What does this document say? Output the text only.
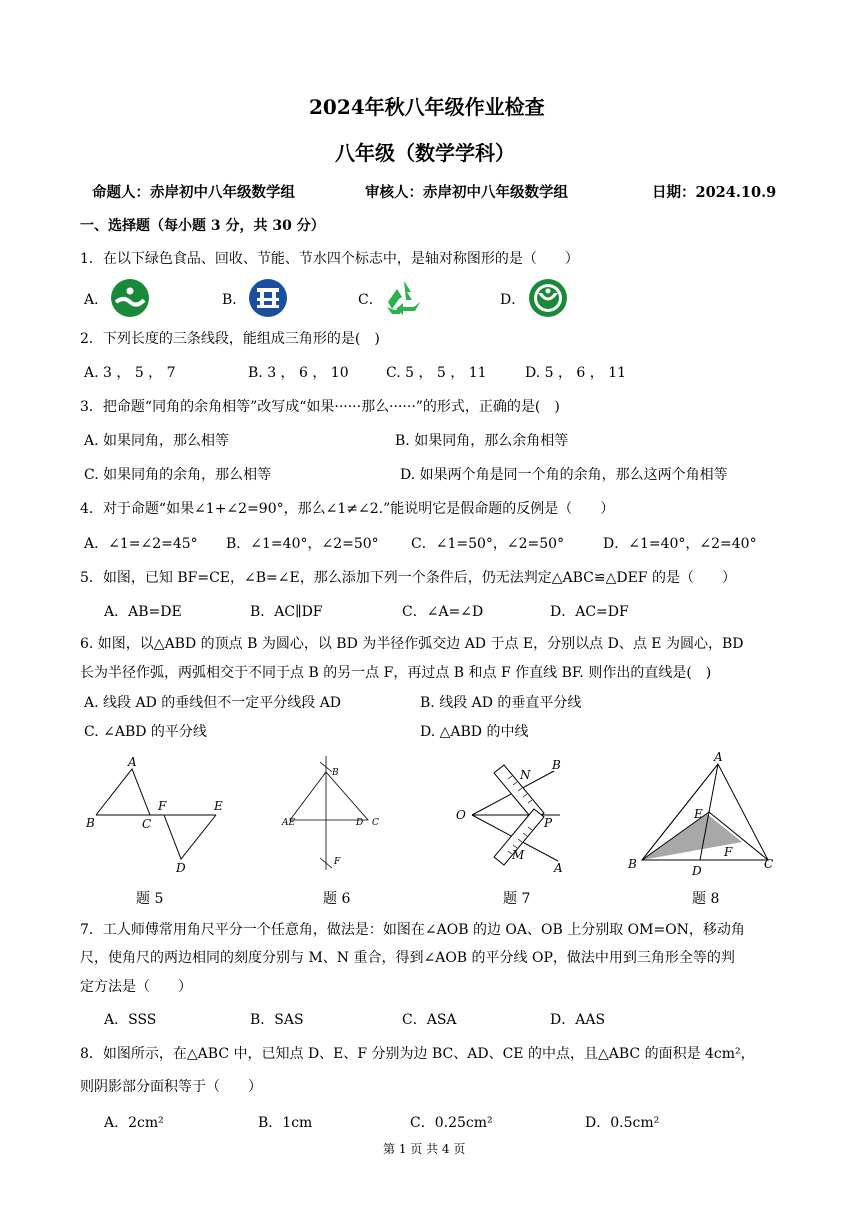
2024年秋八年级作业检查
八年级（数学学科）
命题人：赤岸初中八年级数学组	审核人：赤岸初中八年级数学组	日期：2024.10.9
一、选择题（每小题 3 分，共 30 分）
1．在以下绿色食品、回收、节能、节水四个标志中，是轴对称图形的是（　　）
A．	B．	C．	D．
2．下列长度的三条线段，能组成三角形的是(　)
A. 3 ， 5 ， 7	B. 3 ， 6 ， 10	C. 5 ， 5 ， 11	D. 5 ， 6 ， 11
3．把命题“同角的余角相等”改写成“如果······那么······”的形式，正确的是(　)
A. 如果同角，那么相等	B. 如果同角，那么余角相等
C. 如果同角的余角，那么相等	D. 如果两个角是同一个角的余角，那么这两个角相等
4．对于命题“如果∠1+∠2=90°，那么∠1≠∠2.”能说明它是假命题的反例是（　　）
A．∠1=∠2=45° B．∠1=40°，∠2=50° C．∠1=50°，∠2=50°	D．∠1=40°，∠2=40°
5．如图，已知 BF=CE，∠B=∠E，那么添加下列一个条件后，仍无法判定△ABC≌△DEF 的是（　　）
A．AB=DE	B．AC∥DF	C．∠A=∠D	D．AC=DF
6. 如图，以△ABD 的顶点 B 为圆心，以 BD 为半径作弧交边 AD 于点 E，分别以点 D、点 E 为圆心，BD
长为半径作弧，两弧相交于不同于点 B 的另一点 F，再过点 B 和点 F 作直线 BF. 则作出的直线是(　)
A. 线段 AD 的垂线但不一定平分线段 AD	B. 线段 AD 的垂直平分线
C. ∠ABD 的平分线	D. △ABD 的中线
A
B	C
F	E
D
题 5
B
AE	D C
F
题 6
N
B
O
P
M
A
题 7
A
E
F
B	D	C
题 8
7．工人师傅常用角尺平分一个任意角，做法是：如图在∠AOB 的边 OA、OB 上分别取 OM=ON，移动角
尺，使角尺的两边相同的刻度分别与 M、N 重合，得到∠AOB 的平分线 OP，做法中用到三角形全等的判
定方法是（　　）
A．SSS	B．SAS	C．ASA	D．AAS
8．如图所示，在△ABC 中，已知点 D、E、F 分别为边 BC、AD、CE 的中点，且△ABC 的面积是 4cm²，
则阴影部分面积等于（　　）
A．2cm²	B．1cm	C．0.25cm²	D．0.5cm²
第 1 页 共 4 页
